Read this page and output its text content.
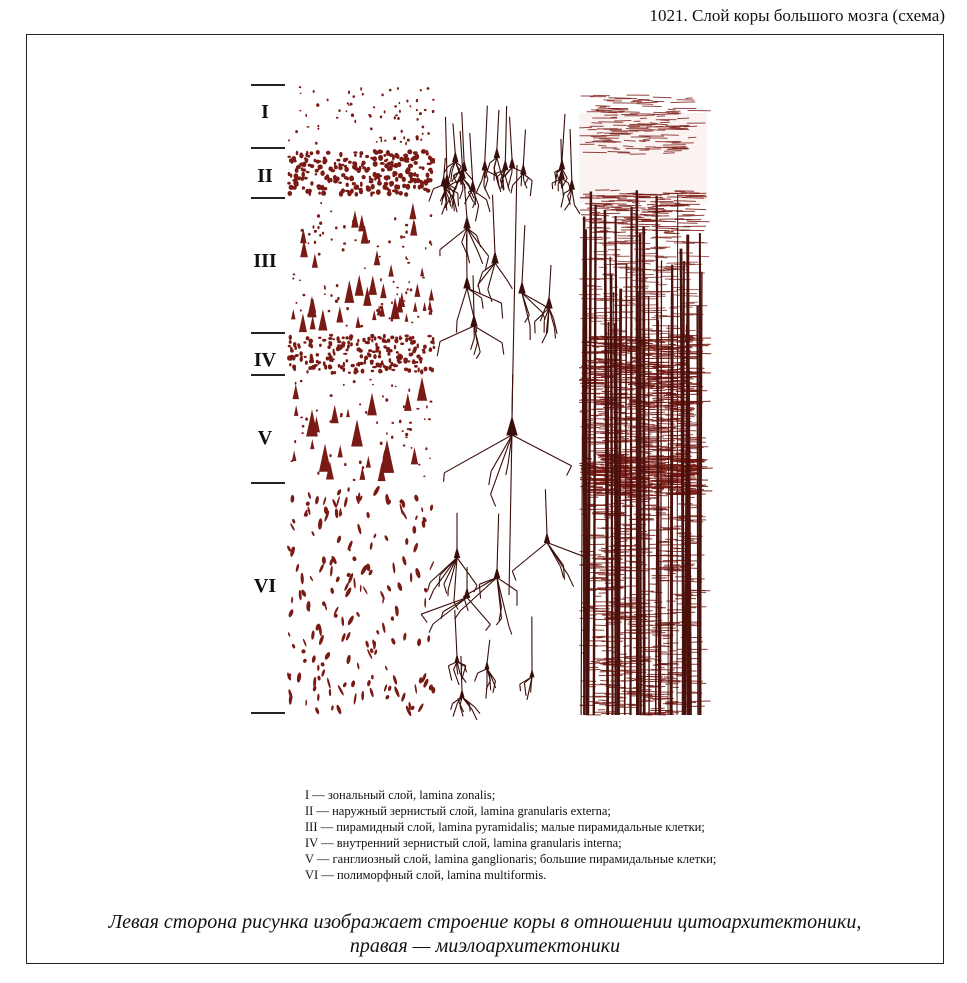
1021. Слой коры большого мозга (схема)
I
II
III
IV
V
VI
I — зональный слой, lamina zonalis;
II — наружный зернистый слой, lamina granularis externa;
III — пирамидный слой, lamina pyramidalis; малые пирамидальные клетки;
IV — внутренний зернистый слой, lamina granularis interna;
V — ганглиозный слой, lamina ganglionaris; большие пирамидальные клетки;
VI — полиморфный слой, lamina multiformis.
Левая сторона рисунка изображает строение коры в отношении цитоархитектоники,
правая — миэлоархитектоники
